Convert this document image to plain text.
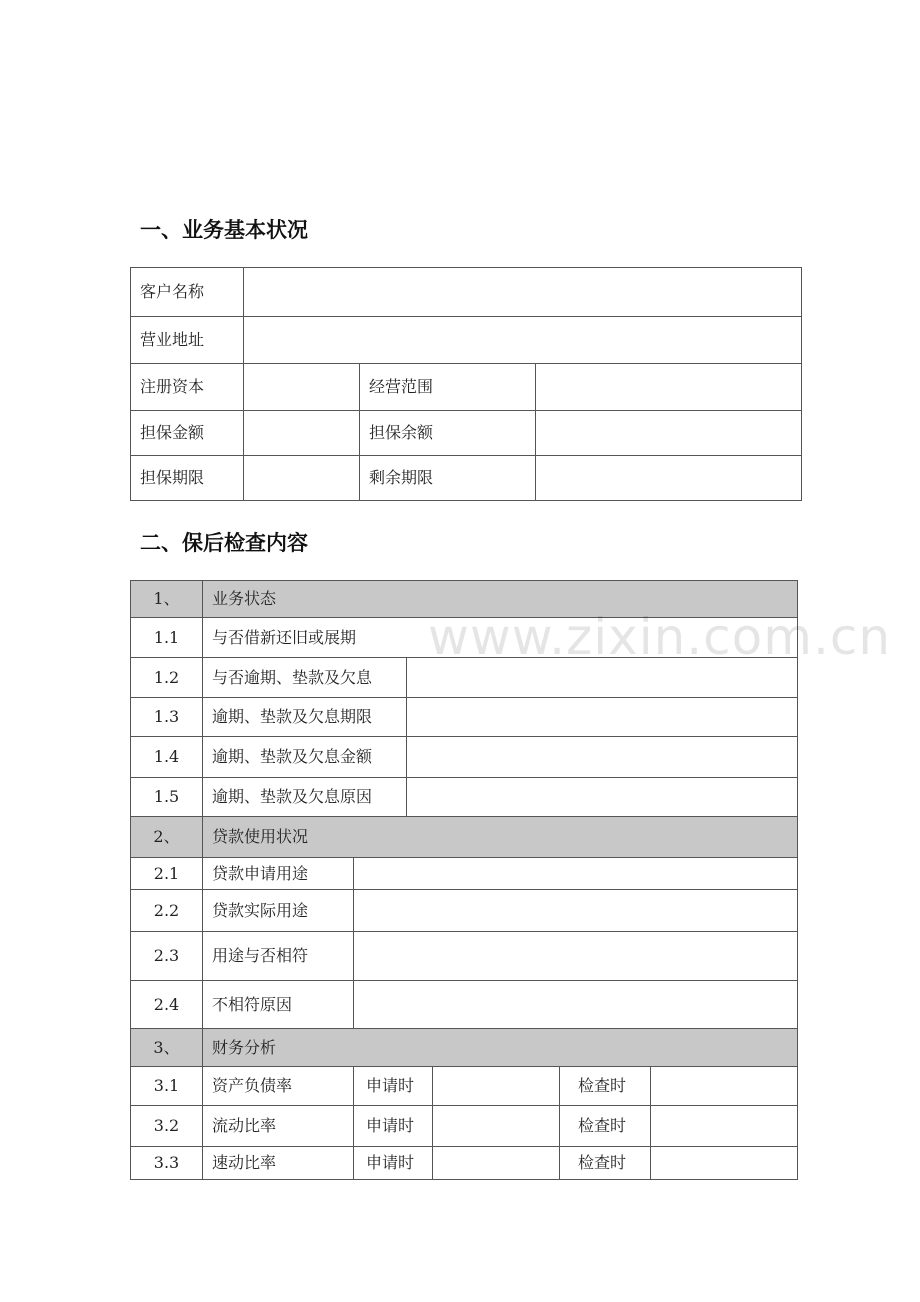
一、业务基本状况
客户名称
营业地址
注册资本	经营范围
担保金额	担保余额
担保期限	剩余期限
二、保后检查内容
1、	业务状态
1.1	与否借新还旧或展期
1.2	与否逾期、垫款及欠息
1.3	逾期、垫款及欠息期限
1.4	逾期、垫款及欠息金额
1.5	逾期、垫款及欠息原因
2、	贷款使用状况
2.1	贷款申请用途
2.2	贷款实际用途
2.3	用途与否相符
2.4	不相符原因
3、	财务分析
3.1	资产负债率	申请时	检查时
3.2	流动比率	申请时	检查时
3.3	速动比率	申请时	检查时
